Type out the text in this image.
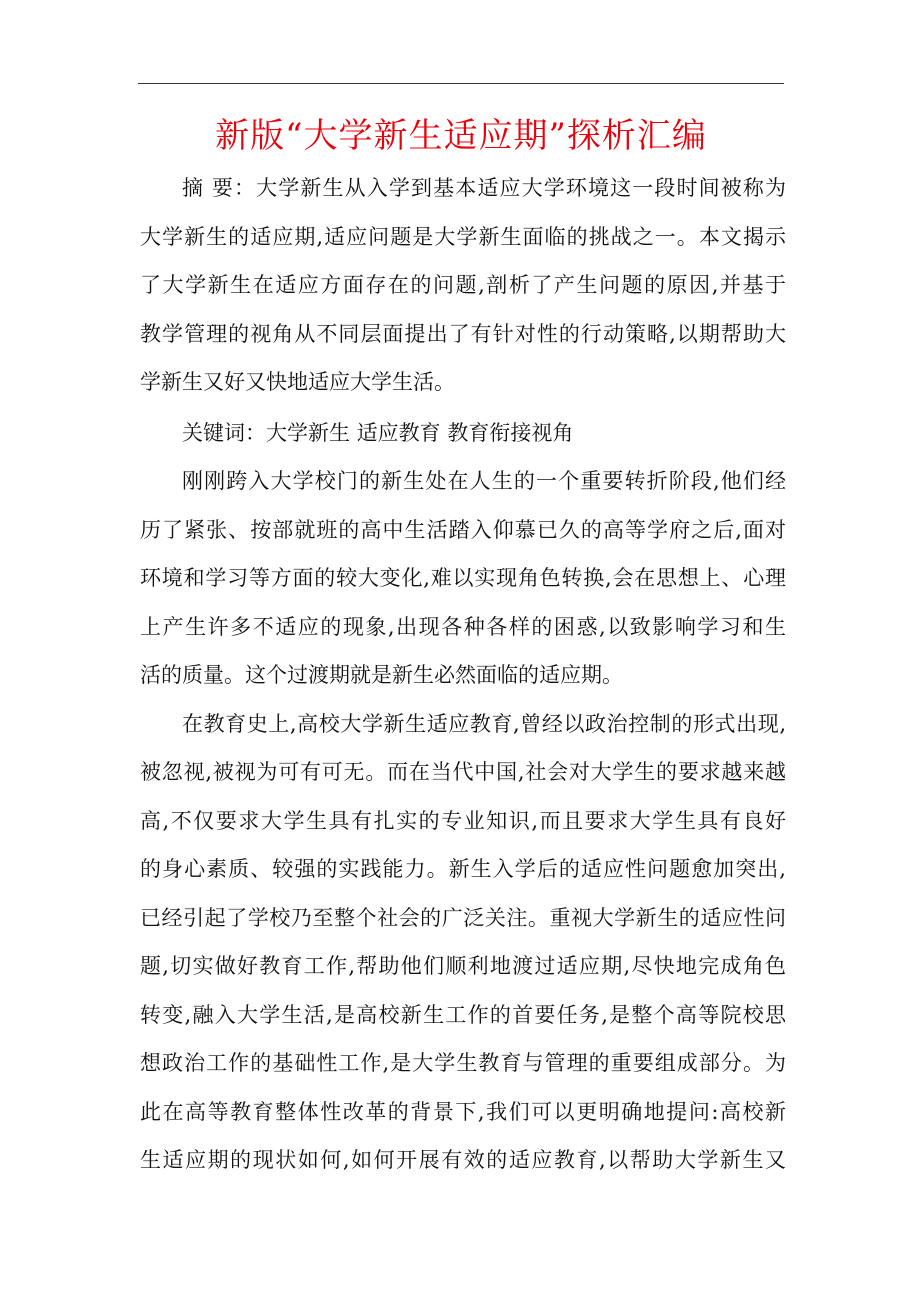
新版“大学新生适应期”探析汇编
摘 要：大学新生从入学到基本适应大学环境这一段时间被称为
大学新生的适应期,适应问题是大学新生面临的挑战之一。本文揭示
了大学新生在适应方面存在的问题,剖析了产生问题的原因,并基于
教学管理的视角从不同层面提出了有针对性的行动策略,以期帮助大
学新生又好又快地适应大学生活。
关键词：大学新生 适应教育 教育衔接视角
刚刚跨入大学校门的新生处在人生的一个重要转折阶段,他们经
历了紧张、按部就班的高中生活踏入仰慕已久的高等学府之后,面对
环境和学习等方面的较大变化,难以实现角色转换,会在思想上、心理
上产生许多不适应的现象,出现各种各样的困惑,以致影响学习和生
活的质量。这个过渡期就是新生必然面临的适应期。
在教育史上,高校大学新生适应教育,曾经以政治控制的形式出现,
被忽视,被视为可有可无。而在当代中国,社会对大学生的要求越来越
高,不仅要求大学生具有扎实的专业知识,而且要求大学生具有良好
的身心素质、较强的实践能力。新生入学后的适应性问题愈加突出,
已经引起了学校乃至整个社会的广泛关注。重视大学新生的适应性问
题,切实做好教育工作,帮助他们顺利地渡过适应期,尽快地完成角色
转变,融入大学生活,是高校新生工作的首要任务,是整个高等院校思
想政治工作的基础性工作,是大学生教育与管理的重要组成部分。为
此在高等教育整体性改革的背景下,我们可以更明确地提问:高校新
生适应期的现状如何,如何开展有效的适应教育,以帮助大学新生又
